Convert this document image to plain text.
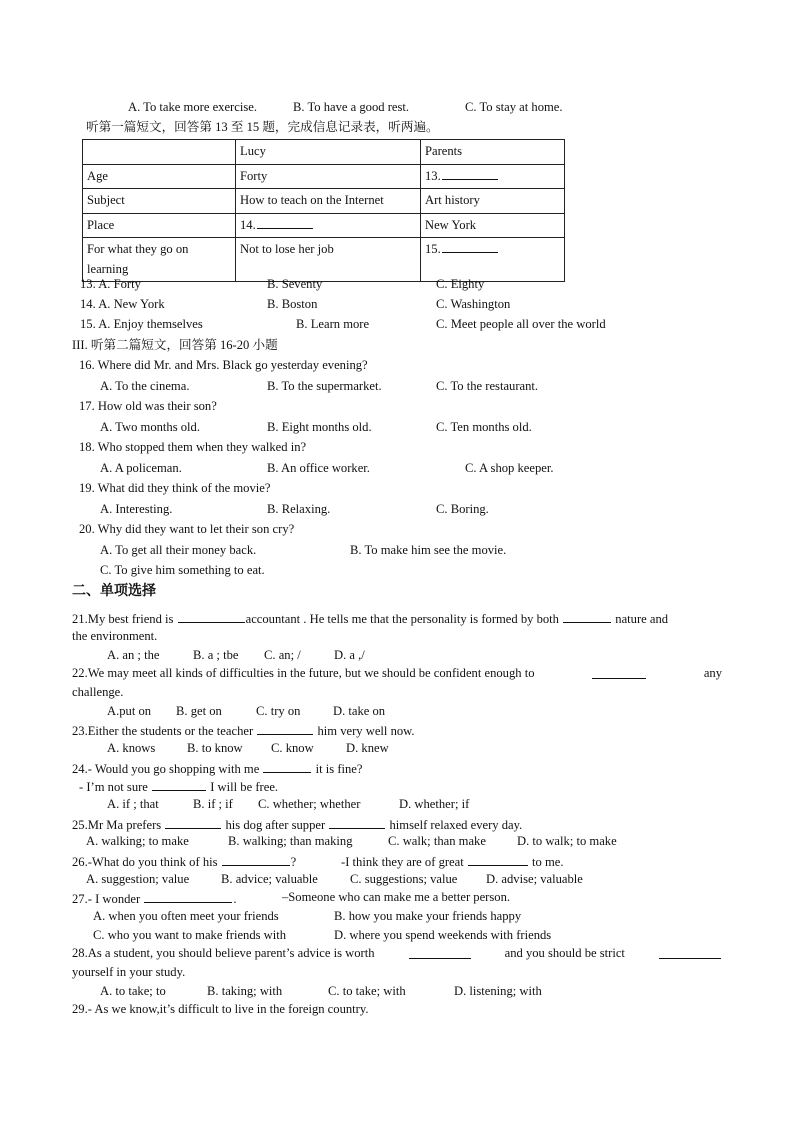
A. To take more exercise.	B. To have a good rest.	C. To stay at home.
听第一篇短文，回答第 13 至 15 题，完成信息记录表，听两遍。
	Lucy	Parents
Age	Forty	13.
Subject	How to teach on the Internet	Art history
Place	14.	New York
For what they go on learning	Not to lose her job	15.
13. A. Forty	B. Seventy	C. Eighty
14. A. New York	B. Boston	C. Washington
15. A. Enjoy themselves	B. Learn more	C. Meet people all over the world
III. 听第二篇短文，回答第 16-20 小题
16. Where did Mr. and Mrs. Black go yesterday evening?
A. To the cinema.	B. To the supermarket.	C. To the restaurant.
17. How old was their son?
A. Two months old.	B. Eight months old.	C. Ten months old.
18. Who stopped them when they walked in?
A. A policeman.	B. An office worker.	C. A shop keeper.
19. What did they think of the movie?
A. Interesting.	B. Relaxing.	C. Boring.
20. Why did they want to let their son cry?
A. To get all their money back.	B. To make him see the movie.
C. To give him something to eat.
二、单项选择
21.My best friend is	accountant . He tells me that the personality is formed by both	nature and
the environment.
A. an ; the	B. a ; tbe C. an; /	D. a ,/
22.We may meet all kinds of difficulties in the future, but we should be confident enough to	any
challenge.
A.put on B. get on	C. try on	D. take on
23.Either the students or the teacher	him very well now.
A. knows	B. to know C. know	D. knew
24.- Would you go shopping with me	it is fine?
- I’m not sure	I will be free.
A. if ; that	B. if ; if C. whether; whether	D. whether; if
25.Mr Ma prefers	his dog after supper	himself relaxed every day.
A. walking; to make	B. walking; than making	C. walk; than make D. to walk; to make
26.-What do you think of his	?	-I think they are of great	to me.
A. suggestion; value	B. advice; valuable	C. suggestions; value D. advise; valuable
27.- I wonder	.	–Someone who can make me a better person.
A. when you often meet your friends	B. how you make your friends happy
C. who you want to make friends with	D. where you spend weekends with friends
28.As a student, you should believe parent’s advice is worth	and you should be strict
yourself in your study.
A. to take; to	B. taking; with	C. to take; with	D. listening; with
29.- As we know,it’s difficult to live in the foreign country.
